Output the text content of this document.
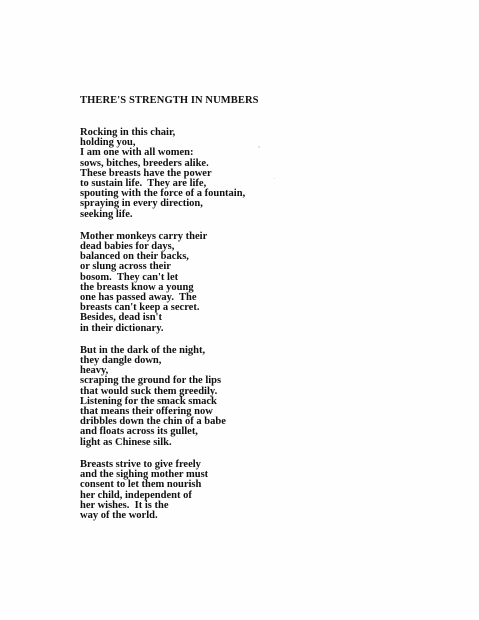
THERE'S STRENGTH IN NUMBERS
Rocking in this chair,
holding you,
I am one with all women:
sows, bitches, breeders alike.
These breasts have the power
to sustain life.  They are life,
spouting with the force of a fountain,
spraying in every direction,
seeking life.
Mother monkeys carry their
dead babies for days,
balanced on their backs,
or slung across their
bosom.  They can't let
the breasts know a young
one has passed away.  The
breasts can't keep a secret.
Besides, dead isn't
in their dictionary.
But in the dark of the night,
they dangle down,
heavy,
scraping the ground for the lips
that would suck them greedily.
Listening for the smack smack
that means their offering now
dribbles down the chin of a babe
and floats across its gullet,
light as Chinese silk.
Breasts strive to give freely
and the sighing mother must
consent to let them nourish
her child, independent of
her wishes.  It is the
way of the world.
